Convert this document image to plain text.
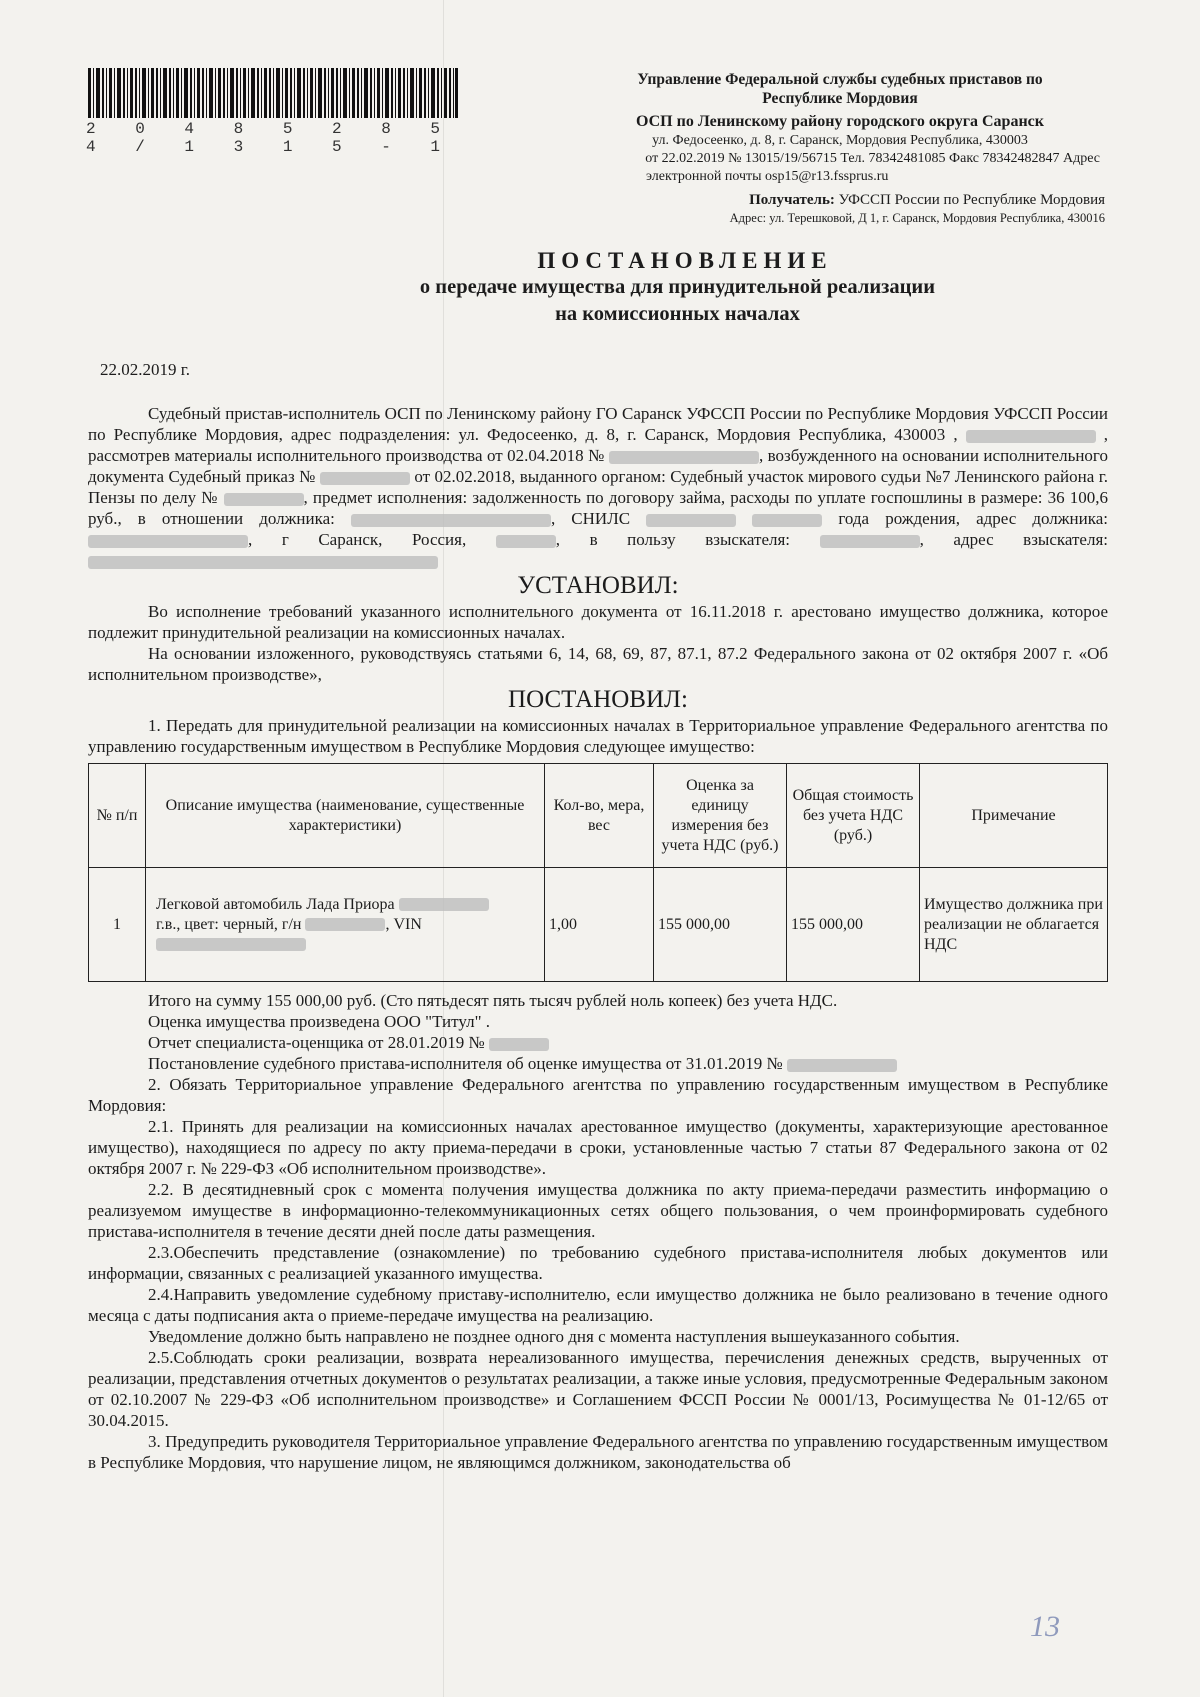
2 0 4 8 5 2 8 5 4 / 1 3 1 5 - 1
Управление Федеральной службы судебных приставов по
Республике Мордовия
ОСП по Ленинскому району городского округа Саранск
ул. Федосеенко, д. 8, г. Саранск, Мордовия Республика, 430003
от 22.02.2019 № 13015/19/56715 Тел. 78342481085 Факс 78342482847 Адрес
электронной почты osp15@r13.fssprus.ru
Получатель: УФССП России по Республике Мордовия
Адрес: ул. Терешковой, Д 1, г. Саранск, Мордовия Республика, 430016
ПОСТАНОВЛЕНИЕ
о передаче имущества для принудительной реализации
на комиссионных началах
22.02.2019 г.

Судебный пристав-исполнитель ОСП по Ленинскому району ГО Саранск УФССП России по Республике Мордовия УФССП России по Республике Мордовия, адрес подразделения: ул. Федосеенко, д. 8, г. Саранск, Мордовия Республика, 430003 ,	, рассмотрев материалы исполнительного производства от 02.04.2018 №	, возбужденного на основании исполнительного документа Судебный приказ №	от 02.02.2018, выданного органом: Судебный участок мирового судьи №7 Ленинского района г. Пензы по делу №	, предмет исполнения: задолженность по договору займа, расходы по уплате госпошлины в размере: 36 100,6 руб., в отношении должника:	, СНИЛС	года рождения, адрес должника: , г Саранск, Россия,	, в пользу взыскателя:	, адрес взыскателя:

УСТАНОВИЛ:

Во исполнение требований указанного исполнительного документа от 16.11.2018 г. арестовано имущество должника, которое подлежит принудительной реализации на комиссионных началах.

На основании изложенного, руководствуясь статьями 6, 14, 68, 69, 87, 87.1, 87.2 Федерального закона от 02 октября 2007 г. «Об исполнительном производстве»,

ПОСТАНОВИЛ:

1. Передать для принудительной реализации на комиссионных началах в Территориальное управление Федерального агентства по управлению государственным имуществом в Республике Мордовия следующее имущество:

№ п/п	Описание имущества (наименование, существенные характеристики)	Кол-во, мера, вес	Оценка за единицу измерения без учета НДС (руб.)	Общая стоимость без учета НДС (руб.)	Примечание
1	Легковой автомобиль Лада Приора
г.в., цвет: черный, г/н , VIN	1,00	155 000,00	155 000,00	Имущество должника при реализации не облагается НДС

Итого на сумму 155 000,00 руб. (Сто пятьдесят пять тысяч рублей ноль копеек) без учета НДС.

Оценка имущества произведена ООО "Титул" .

Отчет специалиста-оценщика от 28.01.2019 №

Постановление судебного пристава-исполнителя об оценке имущества от 31.01.2019 №

2. Обязать Территориальное управление Федерального агентства по управлению государственным имуществом в Республике Мордовия:

2.1. Принять для реализации на комиссионных началах арестованное имущество (документы, характеризующие арестованное имущество), находящиеся по адресу по акту приема-передачи в сроки, установленные частью 7 статьи 87 Федерального закона от 02 октября 2007 г. № 229-ФЗ «Об исполнительном производстве».

2.2. В десятидневный срок с момента получения имущества должника по акту приема-передачи разместить информацию о реализуемом имуществе в информационно-телекоммуникационных сетях общего пользования, о чем проинформировать судебного пристава-исполнителя в течение десяти дней после даты размещения.

2.3.Обеспечить представление (ознакомление) по требованию судебного пристава-исполнителя любых документов или информации, связанных с реализацией указанного имущества.

2.4.Направить уведомление судебному приставу-исполнителю, если имущество должника не было реализовано в течение одного месяца с даты подписания акта о приеме-передаче имущества на реализацию.

Уведомление должно быть направлено не позднее одного дня с момента наступления вышеуказанного события.

2.5.Соблюдать сроки реализации, возврата нереализованного имущества, перечисления денежных средств, вырученных от реализации, представления отчетных документов о результатах реализации, а также иные условия, предусмотренные Федеральным законом от 02.10.2007 № 229-ФЗ «Об исполнительном производстве» и Соглашением ФССП России № 0001/13, Росимущества № 01-12/65 от 30.04.2015.

3. Предупредить руководителя Территориальное управление Федерального агентства по управлению государственным имуществом в Республике Мордовия, что нарушение лицом, не являющимся должником, законодательства об

13
